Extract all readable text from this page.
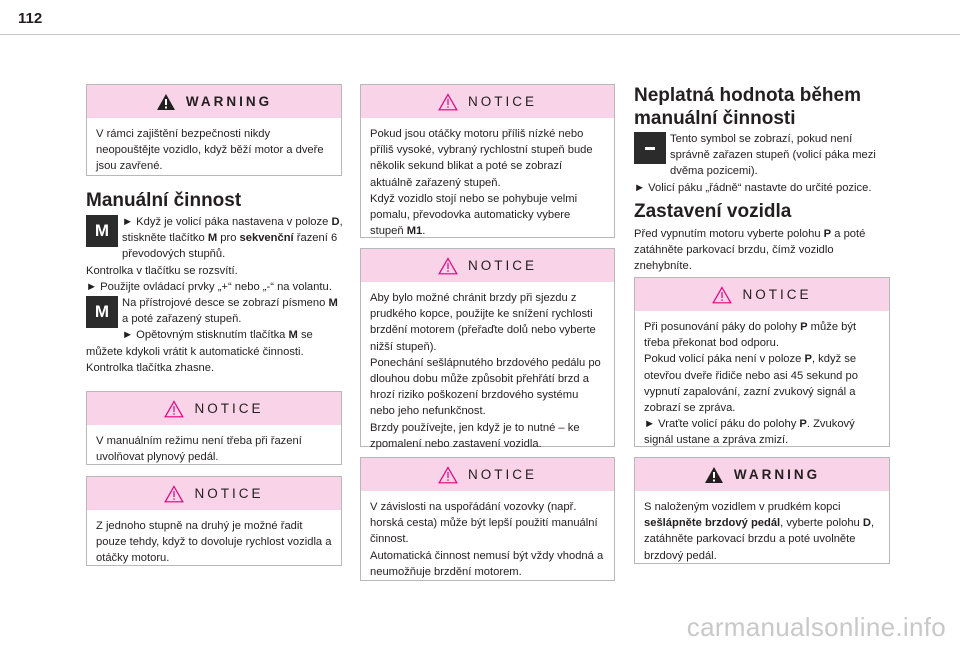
112
WARNING
V rámci zajištění bezpečnosti nikdy neopouštějte vozidlo, když běží motor a dveře jsou zavřené.
Manuální činnost
M	► Když je volicí páka nastavena v poloze D, stiskněte tlačítko M pro sekvenční řazení 6 převodových stupňů.
Kontrolka v tlačítku se rozsvítí.
► Použijte ovládací prvky „+“ nebo „-“ na volantu.
M	Na přístrojové desce se zobrazí písmeno M a poté zařazený stupeň.
► Opětovným stisknutím tlačítka M se můžete kdykoli vrátit k automatické činnosti.
Kontrolka tlačítka zhasne.
NOTICE
V manuálním režimu není třeba při řazení uvolňovat plynový pedál.
NOTICE
Z jednoho stupně na druhý je možné řadit pouze tehdy, když to dovoluje rychlost vozidla a otáčky motoru.
NOTICE
Pokud jsou otáčky motoru příliš nízké nebo příliš vysoké, vybraný rychlostní stupeň bude několik sekund blikat a poté se zobrazí aktuálně zařazený stupeň.
Když vozidlo stojí nebo se pohybuje velmi pomalu, převodovka automaticky vybere stupeň M1.
NOTICE
Aby bylo možné chránit brzdy při sjezdu z prudkého kopce, použijte ke snížení rychlosti brzdění motorem (přeřaďte dolů nebo vyberte nižší stupeň).
Ponechání sešlápnutého brzdového pedálu po dlouhou dobu může způsobit přehřátí brzd a hrozí riziko poškození brzdového systému nebo jeho nefunkčnost.
Brzdy používejte, jen když je to nutné – ke zpomalení nebo zastavení vozidla.
NOTICE
V závislosti na uspořádání vozovky (např. horská cesta) může být lepší použití manuální činnost.
Automatická činnost nemusí být vždy vhodná a neumožňuje brzdění motorem.
Neplatná hodnota během manuální činnosti
Tento symbol se zobrazí, pokud není správně zařazen stupeň (volicí páka mezi dvěma pozicemi).
► Volicí páku „řádně“ nastavte do určité pozice.
Zastavení vozidla
Před vypnutím motoru vyberte polohu P a poté zatáhněte parkovací brzdu, čímž vozidlo znehybníte.
NOTICE
Při posunování páky do polohy P může být třeba překonat bod odporu.
Pokud volicí páka není v poloze P, když se otevřou dveře řidiče nebo asi 45 sekund po vypnutí zapalování, zazní zvukový signál a zobrazí se zpráva.
► Vraťte volicí páku do polohy P. Zvukový signál ustane a zpráva zmizí.
WARNING
S naloženým vozidlem v prudkém kopci sešlápněte brzdový pedál, vyberte polohu D, zatáhněte parkovací brzdu a poté uvolněte brzdový pedál.
carmanualsonline.info
